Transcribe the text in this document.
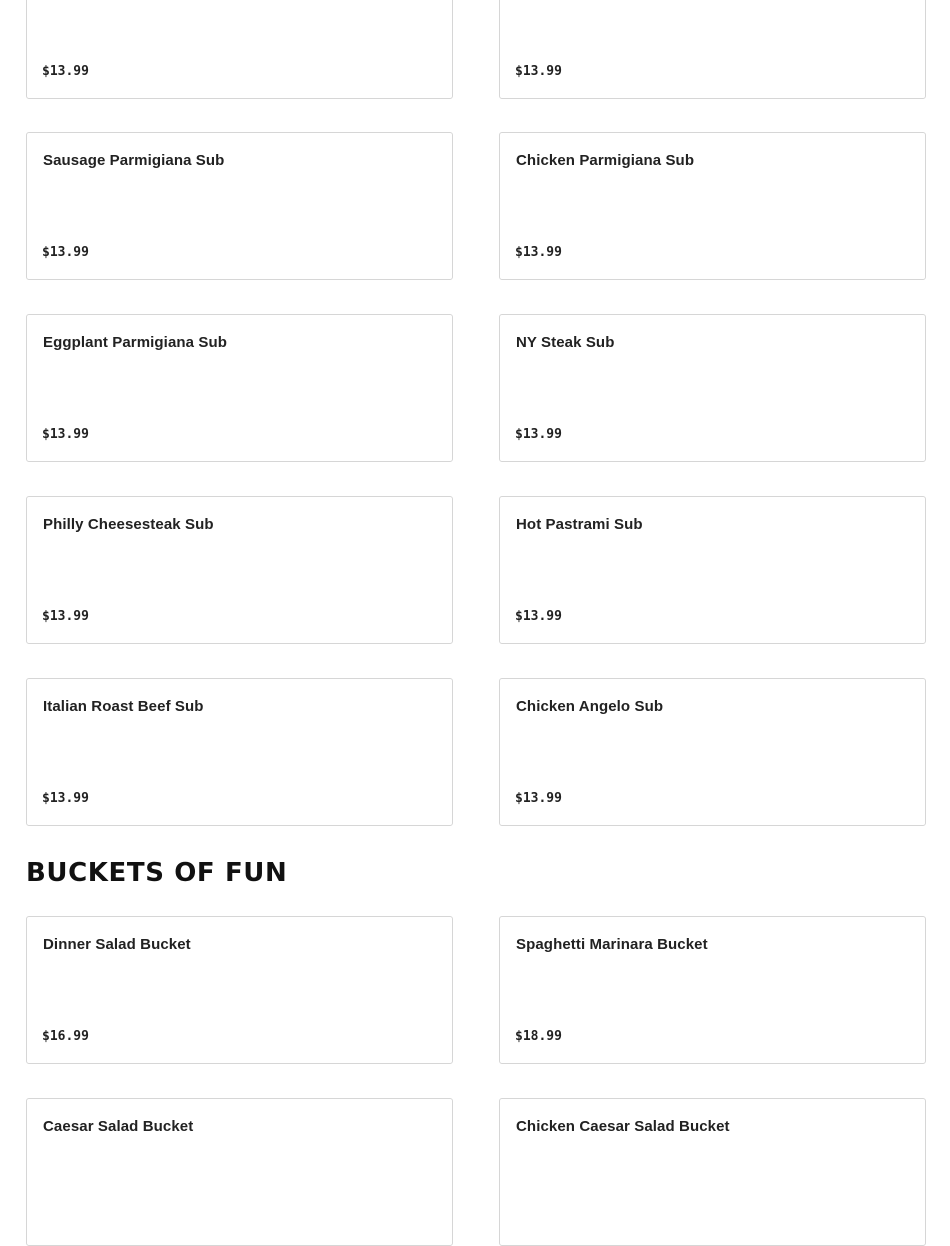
$13.99	$13.99
Sausage Parmigiana Sub
$13.99
Chicken Parmigiana Sub
$13.99
Eggplant Parmigiana Sub
$13.99
NY Steak Sub
$13.99
Philly Cheesesteak Sub
$13.99
Hot Pastrami Sub
$13.99
Italian Roast Beef Sub
$13.99
Chicken Angelo Sub
$13.99
BUCKETS OF FUN
Dinner Salad Bucket
$16.99
Spaghetti Marinara Bucket
$18.99
Caesar Salad Bucket	Chicken Caesar Salad Bucket
